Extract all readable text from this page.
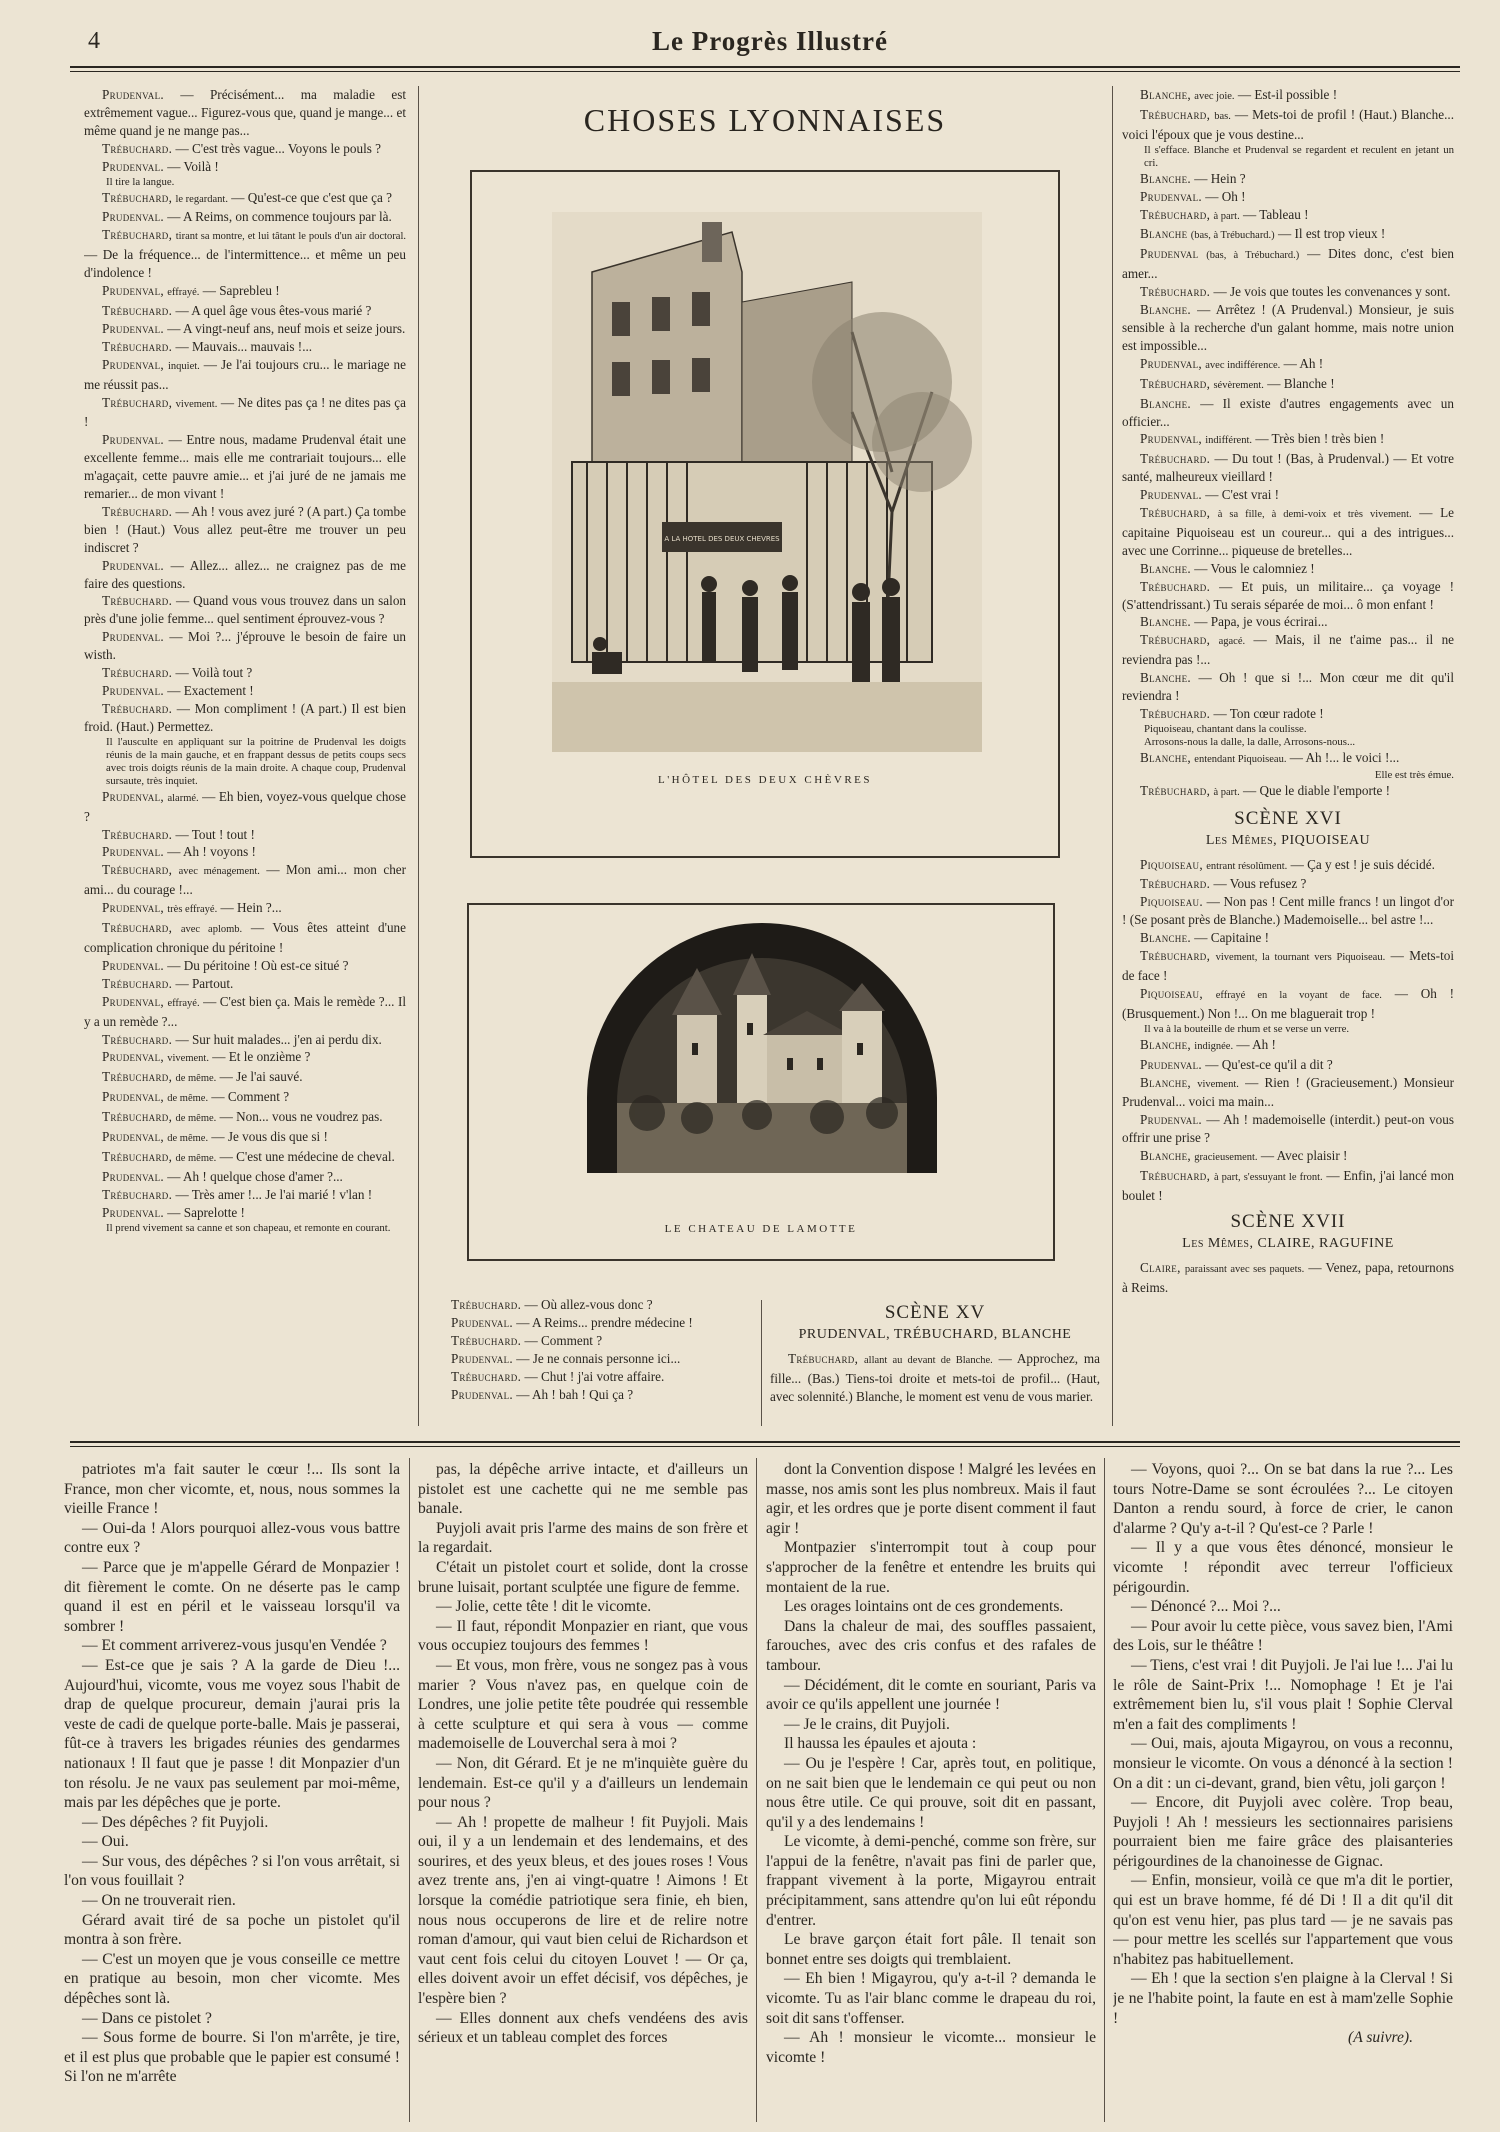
4	Le Progrès Illustré

Prudenval. — Précisément... ma maladie est extrêmement vague... Figurez-vous que, quand je mange... et même quand je ne mange pas...

Trébuchard. — C'est très vague... Voyons le pouls ?

Prudenval. — Voilà !

Il tire la langue.

Trébuchard, le regardant. — Qu'est-ce que c'est que ça ?

Prudenval. — A Reims, on commence toujours par là.

Trébuchard, tirant sa montre, et lui tâtant le pouls d'un air doctoral. — De la fréquence... de l'intermittence... et même un peu d'indolence !

Prudenval, effrayé. — Saprebleu !

Trébuchard. — A quel âge vous êtes-vous marié ?

Prudenval. — A vingt-neuf ans, neuf mois et seize jours.

Trébuchard. — Mauvais... mauvais !...

Prudenval, inquiet. — Je l'ai toujours cru... le mariage ne me réussit pas...

Trébuchard, vivement. — Ne dites pas ça ! ne dites pas ça !

Prudenval. — Entre nous, madame Prudenval était une excellente femme... mais elle me contrariait toujours... elle m'agaçait, cette pauvre amie... et j'ai juré de ne jamais me remarier... de mon vivant !

Trébuchard. — Ah ! vous avez juré ? (A part.) Ça tombe bien ! (Haut.) Vous allez peut-être me trouver un peu indiscret ?

Prudenval. — Allez... allez... ne craignez pas de me faire des questions.

Trébuchard. — Quand vous vous trouvez dans un salon près d'une jolie femme... quel sentiment éprouvez-vous ?

Prudenval. — Moi ?... j'éprouve le besoin de faire un wisth.

Trébuchard. — Voilà tout ?

Prudenval. — Exactement !

Trébuchard. — Mon compliment ! (A part.) Il est bien froid. (Haut.) Permettez.

Il l'ausculte en appliquant sur la poitrine de Prudenval les doigts réunis de la main gauche, et en frappant dessus de petits coups secs avec trois doigts réunis de la main droite. A chaque coup, Prudenval sursaute, très inquiet.

Prudenval, alarmé. — Eh bien, voyez-vous quelque chose ?

Trébuchard. — Tout ! tout !

Prudenval. — Ah ! voyons !

Trébuchard, avec ménagement. — Mon ami... mon cher ami... du courage !...

Prudenval, très effrayé. — Hein ?...

Trébuchard, avec aplomb. — Vous êtes atteint d'une complication chronique du péritoine !

Prudenval. — Du péritoine ! Où est-ce situé ?

Trébuchard. — Partout.

Prudenval, effrayé. — C'est bien ça. Mais le remède ?... Il y a un remède ?...

Trébuchard. — Sur huit malades... j'en ai perdu dix.

Prudenval, vivement. — Et le onzième ?

Trébuchard, de même. — Je l'ai sauvé.

Prudenval, de même. — Comment ?

Trébuchard, de même. — Non... vous ne voudrez pas.

Prudenval, de même. — Je vous dis que si !

Trébuchard, de même. — C'est une médecine de cheval.

Prudenval. — Ah ! quelque chose d'amer ?...

Trébuchard. — Très amer !... Je l'ai marié ! v'lan !

Prudenval. — Saprelotte !

Il prend vivement sa canne et son chapeau, et remonte en courant.

CHOSES LYONNAISES
A LA HOTEL DES DEUX CHEVRES
L'HÔTEL DES DEUX CHÈVRES
LE CHATEAU DE LAMOTTE

Trébuchard. — Où allez-vous donc ?

Prudenval. — A Reims... prendre médecine !

Trébuchard. — Comment ?

Prudenval. — Je ne connais personne ici...

Trébuchard. — Chut ! j'ai votre affaire.

Prudenval. — Ah ! bah ! Qui ça ?

SCÈNE XV
PRUDENVAL, TRÉBUCHARD, BLANCHE

Trébuchard, allant au devant de Blanche. — Approchez, ma fille... (Bas.) Tiens-toi droite et mets-toi de profil... (Haut, avec solennité.) Blanche, le moment est venu de vous marier.

Blanche, avec joie. — Est-il possible !

Trébuchard, bas. — Mets-toi de profil ! (Haut.) Blanche... voici l'époux que je vous destine...

Il s'efface. Blanche et Prudenval se regardent et reculent en jetant un cri.

Blanche. — Hein ?

Prudenval. — Oh !

Trébuchard, à part. — Tableau !

Blanche (bas, à Trébuchard.) — Il est trop vieux !

Prudenval (bas, à Trébuchard.) — Dites donc, c'est bien amer...

Trébuchard. — Je vois que toutes les convenances y sont.

Blanche. — Arrêtez ! (A Prudenval.) Monsieur, je suis sensible à la recherche d'un galant homme, mais notre union est impossible...

Prudenval, avec indifférence. — Ah !

Trébuchard, sévèrement. — Blanche !

Blanche. — Il existe d'autres engagements avec un officier...

Prudenval, indifférent. — Très bien ! très bien !

Trébuchard. — Du tout ! (Bas, à Prudenval.) — Et votre santé, malheureux vieillard !

Prudenval. — C'est vrai !

Trébuchard, à sa fille, à demi-voix et très vivement. — Le capitaine Piquoiseau est un coureur... qui a des intrigues... avec une Corrinne... piqueuse de bretelles...

Blanche. — Vous le calomniez !

Trébuchard. — Et puis, un militaire... ça voyage ! (S'attendrissant.) Tu serais séparée de moi... ô mon enfant !

Blanche. — Papa, je vous écrirai...

Trébuchard, agacé. — Mais, il ne t'aime pas... il ne reviendra pas !...

Blanche. — Oh ! que si !... Mon cœur me dit qu'il reviendra !

Trébuchard. — Ton cœur radote !

Piquoiseau, chantant dans la coulisse.

Arrosons-nous la dalle, la dalle, Arrosons-nous...

Blanche, entendant Piquoiseau. — Ah !... le voici !...

Elle est très émue.

Trébuchard, à part. — Que le diable l'emporte !

SCÈNE XVI
Les Mêmes, PIQUOISEAU

Piquoiseau, entrant résolûment. — Ça y est ! je suis décidé.

Trébuchard. — Vous refusez ?

Piquoiseau. — Non pas ! Cent mille francs ! un lingot d'or ! (Se posant près de Blanche.) Mademoiselle... bel astre !...

Blanche. — Capitaine !

Trébuchard, vivement, la tournant vers Piquoiseau. — Mets-toi de face !

Piquoiseau, effrayé en la voyant de face. — Oh ! (Brusquement.) Non !... On me blaguerait trop !

Il va à la bouteille de rhum et se verse un verre.

Blanche, indignée. — Ah !

Prudenval. — Qu'est-ce qu'il a dit ?

Blanche, vivement. — Rien ! (Gracieusement.) Monsieur Prudenval... voici ma main...

Prudenval. — Ah ! mademoiselle (interdit.) peut-on vous offrir une prise ?

Blanche, gracieusement. — Avec plaisir !

Trébuchard, à part, s'essuyant le front. — Enfin, j'ai lancé mon boulet !

SCÈNE XVII
Les Mêmes, CLAIRE, RAGUFINE

Claire, paraissant avec ses paquets. — Venez, papa, retournons à Reims.

patriotes m'a fait sauter le cœur !... Ils sont la France, mon cher vicomte, et, nous, nous sommes la vieille France !

— Oui-da ! Alors pourquoi allez-vous vous battre contre eux ?

— Parce que je m'appelle Gérard de Monpazier ! dit fièrement le comte. On ne déserte pas le camp quand il est en péril et le vaisseau lorsqu'il va sombrer !

— Et comment arriverez-vous jusqu'en Vendée ?

— Est-ce que je sais ? A la garde de Dieu !... Aujourd'hui, vicomte, vous me voyez sous l'habit de drap de quelque procureur, demain j'aurai pris la veste de cadi de quelque porte-balle. Mais je passerai, fût-ce à travers les brigades réunies des gendarmes nationaux ! Il faut que je passe ! dit Monpazier d'un ton résolu. Je ne vaux pas seulement par moi-même, mais par les dépêches que je porte.

— Des dépêches ? fit Puyjoli.

— Oui.

— Sur vous, des dépêches ? si l'on vous arrêtait, si l'on vous fouillait ?

— On ne trouverait rien.

Gérard avait tiré de sa poche un pistolet qu'il montra à son frère.

— C'est un moyen que je vous conseille ce mettre en pratique au besoin, mon cher vicomte. Mes dépêches sont là.

— Dans ce pistolet ?

— Sous forme de bourre. Si l'on m'arrête, je tire, et il est plus que probable que le papier est consumé ! Si l'on ne m'arrête

pas, la dépêche arrive intacte, et d'ailleurs un pistolet est une cachette qui ne me semble pas banale.

Puyjoli avait pris l'arme des mains de son frère et la regardait.

C'était un pistolet court et solide, dont la crosse brune luisait, portant sculptée une figure de femme.

— Jolie, cette tête ! dit le vicomte.

— Il faut, répondit Monpazier en riant, que vous vous occupiez toujours des femmes !

— Et vous, mon frère, vous ne songez pas à vous marier ? Vous n'avez pas, en quelque coin de Londres, une jolie petite tête poudrée qui ressemble à cette sculpture et qui sera à vous — comme mademoiselle de Louverchal sera à moi ?

— Non, dit Gérard. Et je ne m'inquiète guère du lendemain. Est-ce qu'il y a d'ailleurs un lendemain pour nous ?

— Ah ! propette de malheur ! fit Puyjoli. Mais oui, il y a un lendemain et des lendemains, et des sourires, et des yeux bleus, et des joues roses ! Vous avez trente ans, j'en ai vingt-quatre ! Aimons ! Et lorsque la comédie patriotique sera finie, eh bien, nous nous occuperons de lire et de relire notre roman d'amour, qui vaut bien celui de Richardson et vaut cent fois celui du citoyen Louvet ! — Or ça, elles doivent avoir un effet décisif, vos dépêches, je l'espère bien ?

— Elles donnent aux chefs vendéens des avis sérieux et un tableau complet des forces

dont la Convention dispose ! Malgré les levées en masse, nos amis sont les plus nombreux. Mais il faut agir, et les ordres que je porte disent comment il faut agir !

Montpazier s'interrompit tout à coup pour s'approcher de la fenêtre et entendre les bruits qui montaient de la rue.

Les orages lointains ont de ces grondements.

Dans la chaleur de mai, des souffles passaient, farouches, avec des cris confus et des rafales de tambour.

— Décidément, dit le comte en souriant, Paris va avoir ce qu'ils appellent une journée !

— Je le crains, dit Puyjoli.

Il haussa les épaules et ajouta :

— Ou je l'espère ! Car, après tout, en politique, on ne sait bien que le lendemain ce qui peut ou non nous être utile. Ce qui prouve, soit dit en passant, qu'il y a des lendemains !

Le vicomte, à demi-penché, comme son frère, sur l'appui de la fenêtre, n'avait pas fini de parler que, frappant vivement à la porte, Migayrou entrait précipitamment, sans attendre qu'on lui eût répondu d'entrer.

Le brave garçon était fort pâle. Il tenait son bonnet entre ses doigts qui tremblaient.

— Eh bien ! Migayrou, qu'y a-t-il ? demanda le vicomte. Tu as l'air blanc comme le drapeau du roi, soit dit sans t'offenser.

— Ah ! monsieur le vicomte... monsieur le vicomte !

— Voyons, quoi ?... On se bat dans la rue ?... Les tours Notre-Dame se sont écroulées ?... Le citoyen Danton a rendu sourd, à force de crier, le canon d'alarme ? Qu'y a-t-il ? Qu'est-ce ? Parle !

— Il y a que vous êtes dénoncé, monsieur le vicomte ! répondit avec terreur l'officieux périgourdin.

— Dénoncé ?... Moi ?...

— Pour avoir lu cette pièce, vous savez bien, l'Ami des Lois, sur le théâtre !

— Tiens, c'est vrai ! dit Puyjoli. Je l'ai lue !... J'ai lu le rôle de Saint-Prix !... Nomophage ! Et je l'ai extrêmement bien lu, s'il vous plait ! Sophie Clerval m'en a fait des compliments !

— Oui, mais, ajouta Migayrou, on vous a reconnu, monsieur le vicomte. On vous a dénoncé à la section ! On a dit : un ci-devant, grand, bien vêtu, joli garçon !

— Encore, dit Puyjoli avec colère. Trop beau, Puyjoli ! Ah ! messieurs les sectionnaires parisiens pourraient bien me faire grâce des plaisanteries périgourdines de la chanoinesse de Gignac.

— Enfin, monsieur, voilà ce que m'a dit le portier, qui est un brave homme, fé dé Di ! Il a dit qu'il dit qu'on est venu hier, pas plus tard — je ne savais pas — pour mettre les scellés sur l'appartement que vous n'habitez pas habituellement.

— Eh ! que la section s'en plaigne à la Clerval ! Si je ne l'habite point, la faute en est à mam'zelle Sophie !

(A suivre).
